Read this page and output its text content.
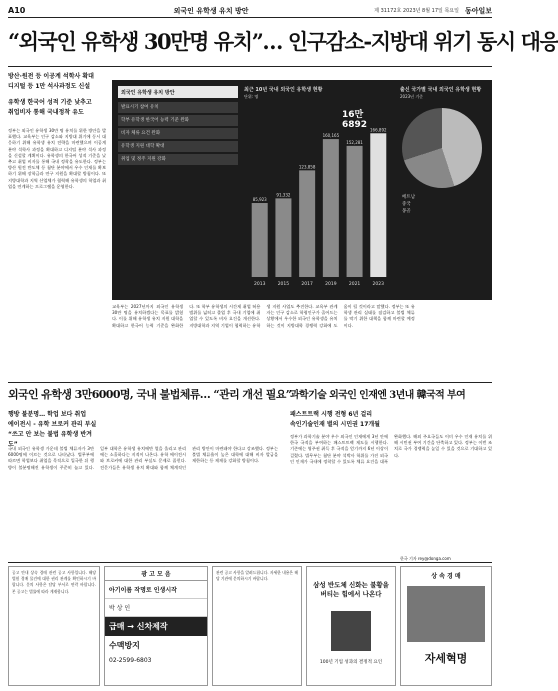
A10	외국인 유학생 유치 방안	제 31172호 2023년 8월 17일 목요일 동아일보
“외국인 유학생 30만명 유치”… 인구감소-지방대 위기 동시 대응
방산·원전 등 이공계 석학사 확대
디지털 등 1만 석사과정도 신설
유학생 한국어 성적 기준 낮추고
취업비자 통해 국내정착 유도
정부는 외국인 유학생 30만 명 유치를 위한 방안을 발표했다. 교육부는 인구 감소와 지방대 위기에 동시 대응하기 위해 유학생 유치 전략을 마련했으며 이공계 분야 석학사 과정을 확대하고 디지털 분야 석사 과정을 신설할 계획이다. 유학생의 한국어 성적 기준을 낮추고 취업 비자를 통해 국내 정착을 유도한다. 정부는 방산 원전 반도체 등 첨단 분야에서 우수 인재를 확보하기 위해 장학금과 연구 지원을 확대할 방침이다. 또 지방대학과 지역 산업체가 협력해 유학생의 학업과 취업을 연계하는 프로그램을 운영한다.
외국인 유학생 유치 방안
발표시기 참여 유치
학부 유학생 한국어 능력 기준 완화
비자 체류 요건 완화
유학생 지원 대학 확대
취업 및 정주 지원 강화
최근 10년 국내 외국인 유학생 현황
단위: 명
85,923
2013
91,332
2015
123,858
2017
160,165
2019
152,281
2021
166,892
2023
출신 국가별 국내 외국인 유학생 현황
2023년 기준
16만 6892
베트남
중국
몽골
교육부는 2027년까지 외국인 유학생 30만 명을 유치하겠다는 목표를 밝혔다. 이를 위해 유학생 유치 지원 대학을 확대하고 한국어 능력 기준을 완화한다. 또 학부 유학생의 시간제 취업 허용 범위를 넓히고 졸업 후 국내 기업에 취업할 수 있도록 비자 요건을 개선한다. 지방대학과 지역 기업이 협력하는 유학생 지원 사업도 추진한다. 교육부 관계자는 인구 감소로 학령인구가 줄어드는 상황에서 우수한 외국인 유학생을 유치하는 것이 지방대학 경쟁력 강화에 도움이 될 것이라고 말했다. 정부는 또 유학생 관리 실태를 점검하고 불법 체류를 막기 위한 대책을 함께 마련할 예정이다.
외국인 유학생 3만6000명, 국내 불법체류… “관리 개선 필요”
행방 불분명… 학업 보다 취업
에이전시 - 유학 브로커 관리 부실
“쓰고 안 보는 불법 유학생 반겨도”
국내 외국인 유학생 가운데 불법 체류자가 3만6000명에 이르는 것으로 나타났다. 법무부에 따르면 학업보다 취업을 목적으로 입국한 뒤 행방이 불분명해진 유학생이 꾸준히 늘고 있다. 일부 대학은 유학생 유치에만 열을 올리고 관리에는 소홀하다는 지적이 나온다. 유학 에이전시와 브로커에 대한 관리 부실도 문제로 꼽힌다. 전문가들은 유학생 유치 확대와 함께 체계적인 관리 방안이 마련돼야 한다고 강조했다. 정부는 불법 체류율이 높은 대학에 대해 비자 발급을 제한하는 등 제재를 강화할 방침이다.
과학기술 외국인 인재엔 3년내 韓국적 부여
패스트트랙 시행 전형 6년 걸리
속인기술인재 별의 시민권 17개월
정부가 과학기술 분야 우수 외국인 인재에게 3년 안에 한국 국적을 부여하는 패스트트랙 제도를 시행한다. 기존에는 영주권 취득 후 국적을 얻기까지 6년 이상이 걸렸다. 법무부는 첨단 분야 석박사 학위를 가진 외국인 인재가 국내에 정착할 수 있도록 체류 요건을 대폭 완화했다. 해외 주요국들도 이미 우수 인재 유치를 위해 시민권 부여 기간을 단축하고 있다. 정부는 이번 조치로 국가 경쟁력을 높일 수 있을 것으로 기대하고 있다.
한국 기자 rey@donga.com
공고 안내 상속 경매 관련 공고 사항입니다. 해당 법원 경매 물건에 대한 권리 관계를 확인하시기 바랍니다. 문의 사항은 담당 부서로 연락 바랍니다. 본 공고는 법률에 따라 게재합니다.
광 고 모 음
아기이름 작명로 인생시작
박 상 인
급매 → 신차제작
수맥방지
02-2599-6803
관련 공고 사항을 알려드립니다. 자세한 내용은 해당 기관에 문의하시기 바랍니다.
삼성 반도체 신화는 불황을 버티는 힘에서 나온다
100년 기업 성과의 결정적 요인
상 속 경 매
자세혁명
